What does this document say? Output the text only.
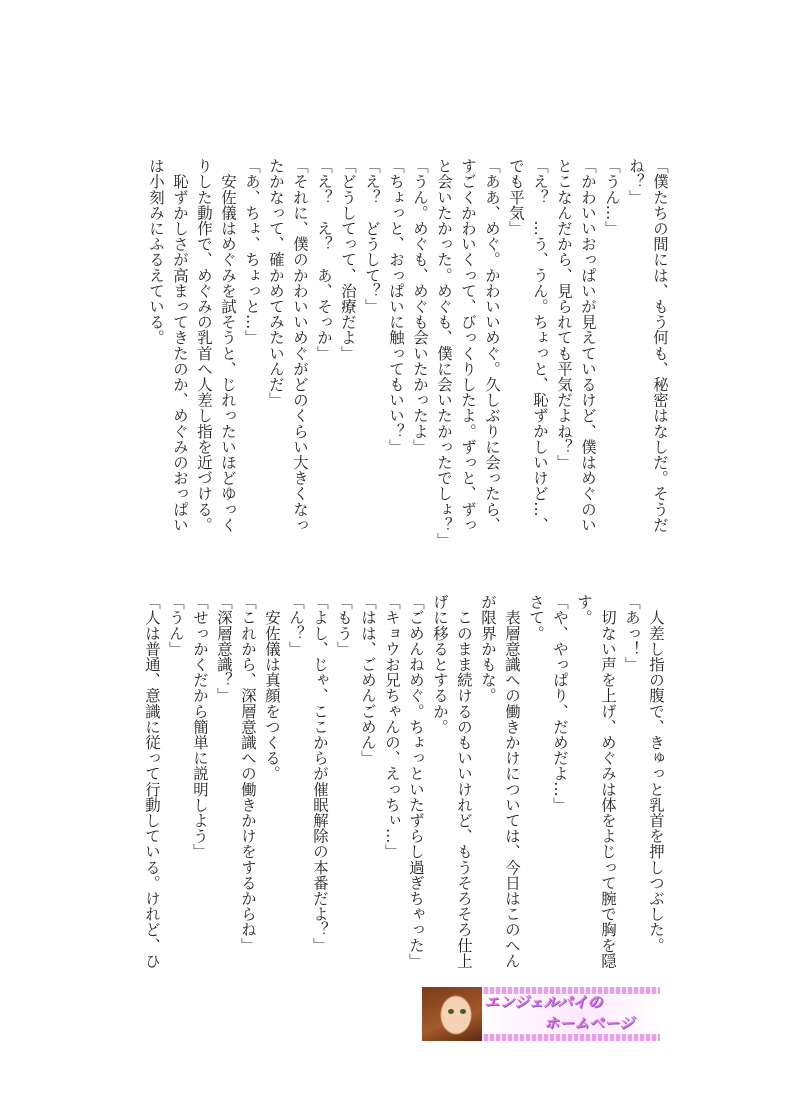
「僕たちの間には、もう何も、秘密はなしだ。そうだ

ね？」

「うん…」

「かわいいおっぱいが見えているけど、僕はめぐのい

とこなんだから、見られても平気だよね？」

「え？　…う、うん。ちょっと、恥ずかしいけど…、

でも平気」

「ああ、めぐ。かわいいめぐ。久しぶりに会ったら、

すごくかわいくって、びっくりしたよ。ずっと、ずっ

と会いたかった。めぐも、僕に会いたかったでしょ？」

「うん。めぐも、めぐも会いたかったよ」

「ちょっと、おっぱいに触ってもいい？」

「え？　どうして？」

「どうしてって、治療だよ」

「え？　え？　あ、そっか」

「それに、僕のかわいいめぐがどのくらい大きくなっ

たかなって、確かめてみたいんだ」

「あ、ちょ、ちょっと…」

　安佐儀はめぐみを試そうと、じれったいほどゆっく

りした動作で、めぐみの乳首へ人差し指を近づける。

　恥ずかしさが高まってきたのか、めぐみのおっぱい

は小刻みにふるえている。

　人差し指の腹で、きゅっと乳首を押しつぶした。

「あっ！」

　切ない声を上げ、めぐみは体をよじって腕で胸を隠

す。

「や、やっぱり、だめだよ…」

さて。

　表層意識への働きかけについては、今日はこのへん

が限界かもな。

　このまま続けるのもいいけれど、もうそろそろ仕上

げに移るとするか。

「ごめんねめぐ。ちょっといたずらし過ぎちゃった」

「キョウお兄ちゃんの、えっちぃ…」

「はは、ごめんごめん」

「もう」

「よし、じゃ、ここからが催眠解除の本番だよ？」

「ん？」

　安佐儀は真顔をつくる。

「これから、深層意識への働きかけをするからね」

「深層意識？」

「せっかくだから簡単に説明しよう」

「うん」

「人は普通、意識に従って行動している。けれど、ひ

エンジェルパイの
ホームページ
